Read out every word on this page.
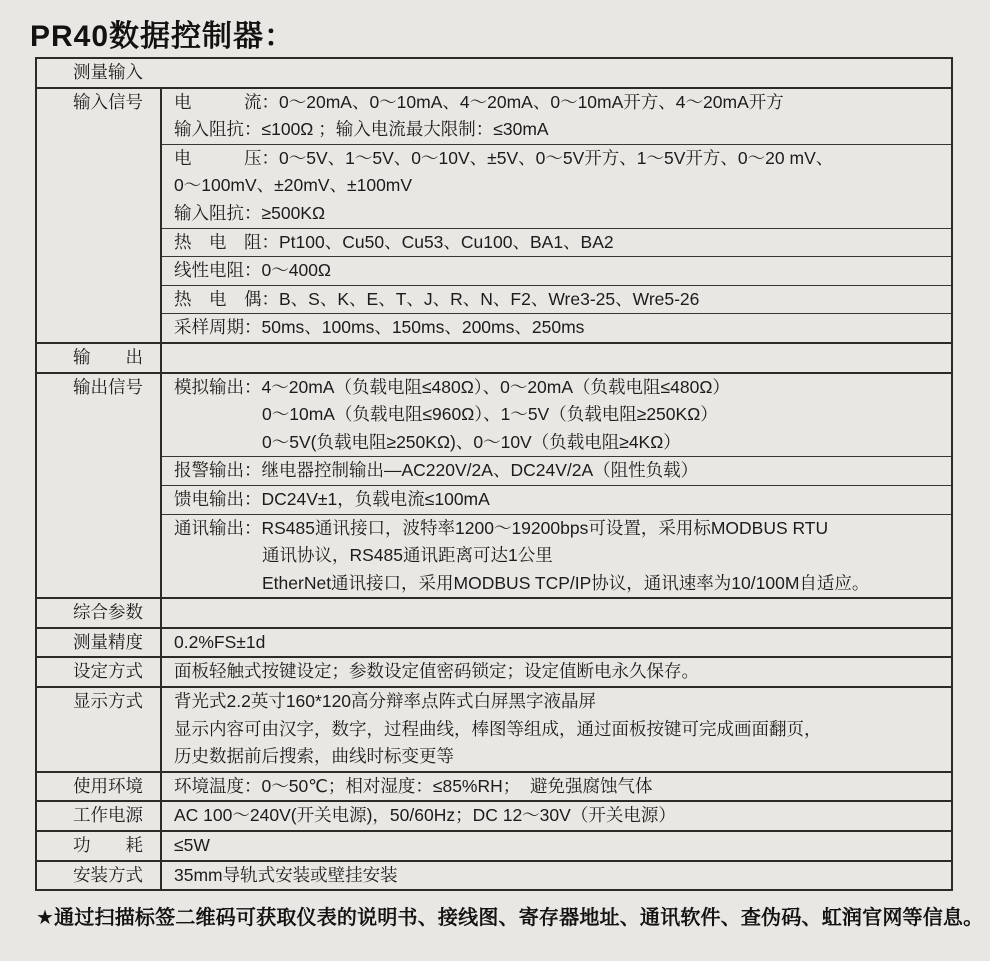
PR40数据控制器：
测量输入
输入信号	电　　　流：0～20mA、0～10mA、4～20mA、0～10mA开方、4～20mA开方
输入阻抗：≤100Ω ；输入电流最大限制：≤30mA
电　　　压：0～5V、1～5V、0～10V、±5V、0～5V开方、1～5V开方、0～20 mV、
0～100mV、±20mV、±100mV
输入阻抗：≥500KΩ
热　电　阻：Pt100、Cu50、Cu53、Cu100、BA1、BA2
线性电阻：0～400Ω
热　电　偶：B、S、K、E、T、J、R、N、F2、Wre3-25、Wre5-26
采样周期：50ms、100ms、150ms、200ms、250ms
输　　出
输出信号	模拟输出：4～20mA（负载电阻≤480Ω）、0～20mA（负载电阻≤480Ω）
0～10mA（负载电阻≤960Ω）、1～5V（负载电阻≥250KΩ）
0～5V(负载电阻≥250KΩ)、0～10V（负载电阻≥4KΩ）
报警输出：继电器控制输出—AC220V/2A、DC24V/2A（阻性负载）
馈电输出：DC24V±1，负载电流≤100mA
通讯输出：RS485通讯接口，波特率1200～19200bps可设置，采用标MODBUS RTU
通讯协议，RS485通讯距离可达1公里
EtherNet通讯接口，采用MODBUS TCP/IP协议，通讯速率为10/100M自适应。
综合参数
测量精度	0.2%FS±1d
设定方式	面板轻触式按键设定；参数设定值密码锁定；设定值断电永久保存。
显示方式	背光式2.2英寸160*120高分辩率点阵式白屏黑字液晶屏
显示内容可由汉字，数字，过程曲线，棒图等组成，通过面板按键可完成画面翻页，
历史数据前后搜索，曲线时标变更等
使用环境	环境温度：0～50℃；相对湿度：≤85%RH；  避免强腐蚀气体
工作电源	AC 100～240V(开关电源)，50/60Hz；DC 12～30V（开关电源）
功　　耗	≤5W
安装方式	35mm导轨式安装或壁挂安装
★通过扫描标签二维码可获取仪表的说明书、接线图、寄存器地址、通讯软件、查伪码、虹润官网等信息。
